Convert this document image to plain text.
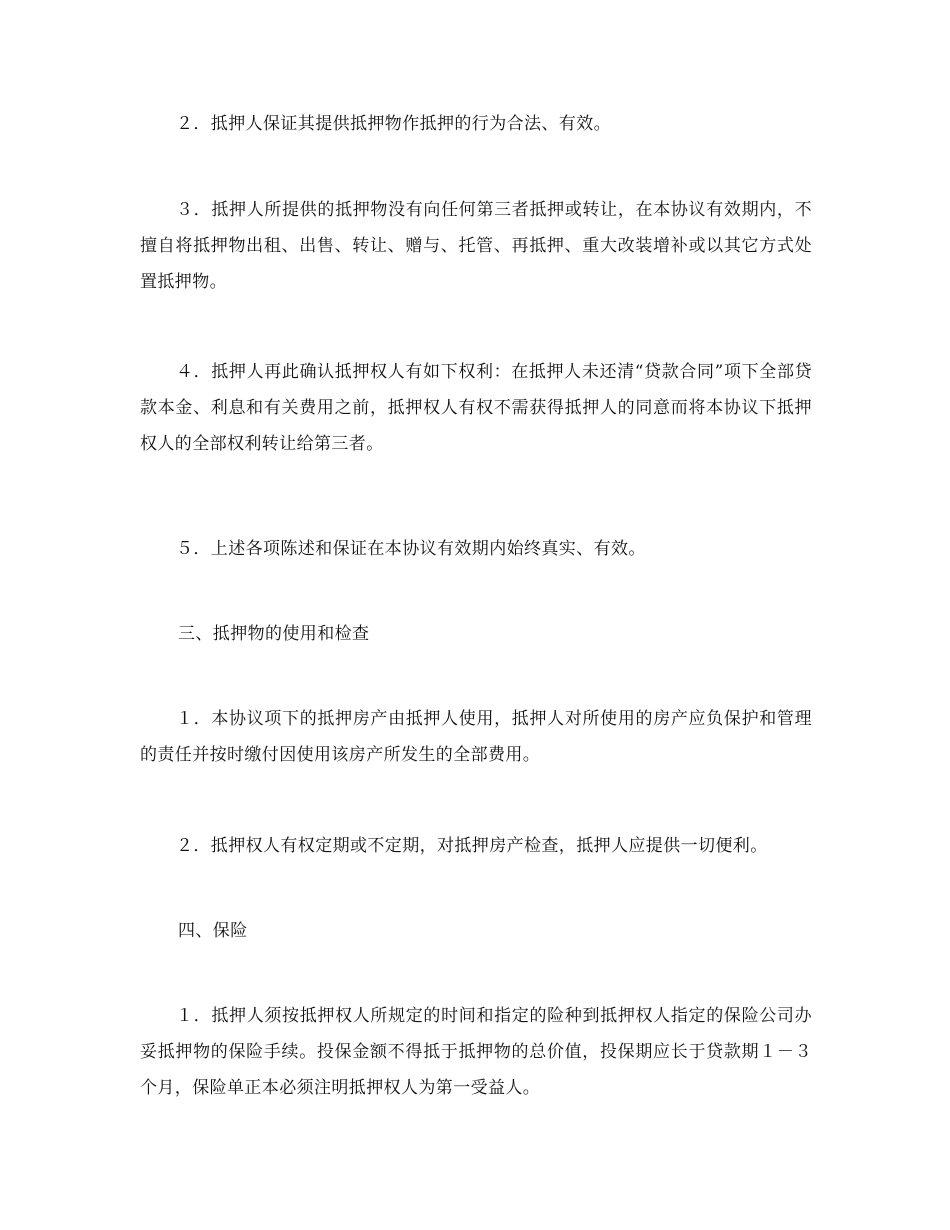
２．抵押人保证其提供抵押物作抵押的行为合法、有效。

３．抵押人所提供的抵押物没有向任何第三者抵押或转让，在本协议有效期内，不擅自将抵押物出租、出售、转让、赠与、托管、再抵押、重大改装增补或以其它方式处置抵押物。

４．抵押人再此确认抵押权人有如下权利：在抵押人未还清“贷款合同”项下全部贷款本金、利息和有关费用之前，抵押权人有权不需获得抵押人的同意而将本协议下抵押权人的全部权利转让给第三者。

５．上述各项陈述和保证在本协议有效期内始终真实、有效。

三、抵押物的使用和检查

１．本协议项下的抵押房产由抵押人使用，抵押人对所使用的房产应负保护和管理的责任并按时缴付因使用该房产所发生的全部费用。

２．抵押权人有权定期或不定期，对抵押房产检查，抵押人应提供一切便利。

四、保险

１．抵押人须按抵押权人所规定的时间和指定的险种到抵押权人指定的保险公司办妥抵押物的保险手续。投保金额不得抵于抵押物的总价值，投保期应长于贷款期１－３个月，保险单正本必须注明抵押权人为第一受益人。
